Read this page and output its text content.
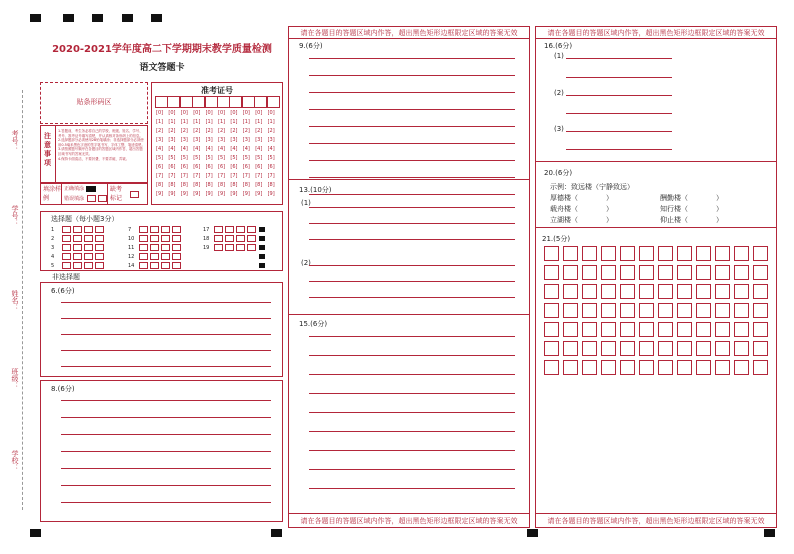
考号：
学号：
姓名：
班级：
学校：
2020-2021学年度高二下学期期末教学质量检测
语文答题卡
贴条形码区
注意事项
1.答题前，考生务必将自己的学校、班级、姓名、学号、考号、准考证号填写清楚，并认真核对条形码上的信息。
2.选择题部分必须使用2B铅笔填涂；非选择题部分必须使用0.5毫米黑色字迹的签字笔书写，字体工整、笔迹清楚。
3.请按照题号顺序在各题目的答题区域内作答，超出答题区域书写的答案无效。
4.保持卡面清洁，不要折叠，不要弄破、弄皱。
填涂样例
正确填涂
错误填涂
缺考标记
准考证号
[0] [0] [0] [0] [0] [0] [0] [0] [0] [0]
[1] [1] [1] [1] [1] [1] [1] [1] [1] [1]
[2] [2] [2] [2] [2] [2] [2] [2] [2] [2]
[3] [3] [3] [3] [3] [3] [3] [3] [3] [3]
[4] [4] [4] [4] [4] [4] [4] [4] [4] [4]
[5] [5] [5] [5] [5] [5] [5] [5] [5] [5]
[6] [6] [6] [6] [6] [6] [6] [6] [6] [6]
[7] [7] [7] [7] [7] [7] [7] [7] [7] [7]
[8] [8] [8] [8] [8] [8] [8] [8] [8] [8]
[9] [9] [9] [9] [9] [9] [9] [9] [9] [9]
选择题（每小题3分）
1
2
3
4
5
7
10
11
12
14
17
18
19
非选择题
6.(6分)
8.(6分)
请在各题目的答题区域内作答，超出黑色矩形边框限定区域的答案无效
9.(6分)
13.(10分)
(1)
(2)
15.(6分)
请在各题目的答题区域内作答，超出黑色矩形边框限定区域的答案无效
请在各题目的答题区域内作答，超出黑色矩形边框限定区域的答案无效
16.(6分)
(1)
(2)
(3)
20.(6分)
示例：致远楼（宁静致远）
厚德楼（　　　　）	酬勤楼（　　　　）
载舟楼（　　　　）	知行楼（　　　　）
立湖楼（　　　　）	仰止楼（　　　　）
21.(5分)
请在各题目的答题区域内作答，超出黑色矩形边框限定区域的答案无效
